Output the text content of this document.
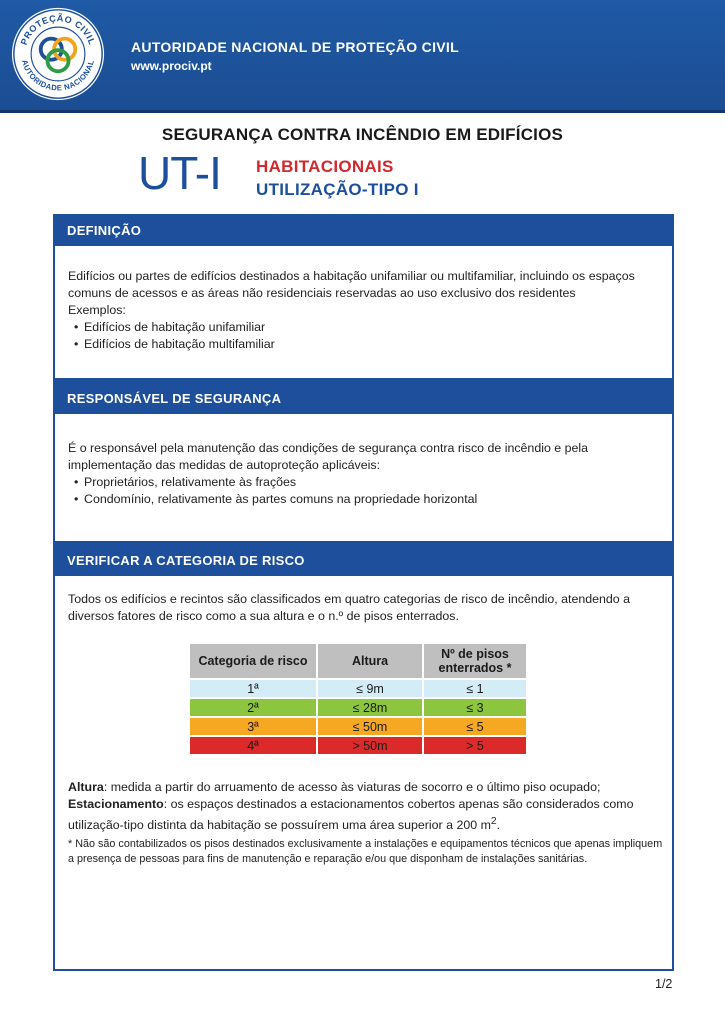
PROTEÇÃO CIVIL
AUTORIDADE NACIONAL
AUTORIDADE NACIONAL DE PROTEÇÃO CIVIL
www.prociv.pt
SEGURANÇA CONTRA INCÊNDIO EM EDIFÍCIOS
UT-I HABITACIONAIS
UTILIZAÇÃO-TIPO I
DEFINIÇÃO

Edifícios ou partes de edifícios destinados a habitação unifamiliar ou multifamiliar, incluindo os espaços comuns de acessos e as áreas não residenciais reservadas ao uso exclusivo dos residentes

Exemplos:

• Edifícios de habitação unifamiliar
• Edifícios de habitação multifamiliar
RESPONSÁVEL DE SEGURANÇA

É o responsável pela manutenção das condições de segurança contra risco de incêndio e pela implementação das medidas de autoproteção aplicáveis:

• Proprietários, relativamente às frações
• Condomínio, relativamente às partes comuns na propriedade horizontal
VERIFICAR A CATEGORIA DE RISCO
Todos os edifícios e recintos são classificados em quatro categorias de risco de incêndio, atendendo a diversos fatores de risco como a sua altura e o n.º de pisos enterrados.
Categoria de risco	Altura	Nº de pisos enterrados *
1ª	≤ 9m	≤ 1
2ª	≤ 28m	≤ 3
3ª	≤ 50m	≤ 5
4ª	> 50m	> 5

Altura: medida a partir do arruamento de acesso às viaturas de socorro e o último piso ocupado;

Estacionamento: os espaços destinados a estacionamentos cobertos apenas são considerados como utilização-tipo distinta da habitação se possuírem uma área superior a 200 $m^2$.

* Não são contabilizados os pisos destinados exclusivamente a instalações e equipamentos técnicos que apenas impliquem a presença de pessoas para fins de manutenção e reparação e/ou que disponham de instalações sanitárias.
1/2
